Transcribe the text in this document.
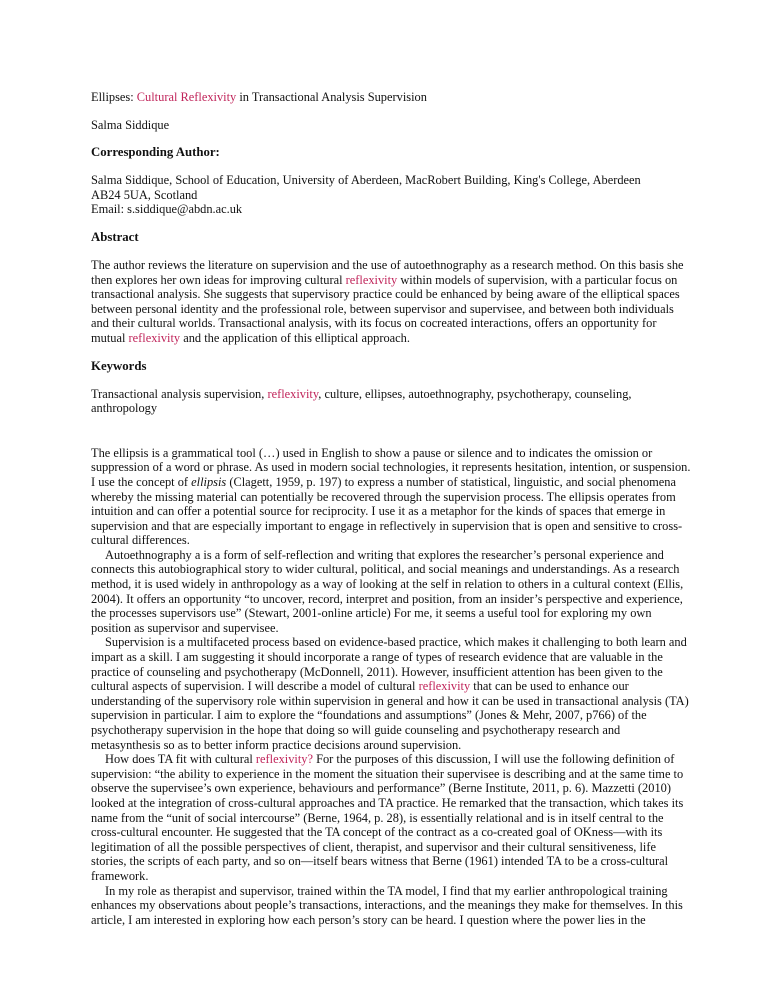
Ellipses: Cultural Reflexivity in Transactional Analysis Supervision

Salma Siddique

Corresponding Author:

Salma Siddique, School of Education, University of Aberdeen, MacRobert Building, King's College, Aberdeen
AB24 5UA, Scotland
Email: s.siddique@abdn.ac.uk

Abstract

The author reviews the literature on supervision and the use of autoethnography as a research method. On this basis she then explores her own ideas for improving cultural reflexivity within models of supervision, with a particular focus on transactional analysis. She suggests that supervisory practice could be enhanced by being aware of the elliptical spaces between personal identity and the professional role, between supervisor and supervisee, and between both individuals and their cultural worlds. Transactional analysis, with its focus on cocreated interactions, offers an opportunity for mutual reflexivity and the application of this elliptical approach.

Keywords

Transactional analysis supervision, reflexivity, culture, ellipses, autoethnography, psychotherapy, counseling, anthropology

The ellipsis is a grammatical tool (…) used in English to show a pause or silence and to indicates the omission or suppression of a word or phrase. As used in modern social technologies, it represents hesitation, intention, or suspension. I use the concept of ellipsis (Clagett, 1959, p. 197) to express a number of statistical, linguistic, and social phenomena whereby the missing material can potentially be recovered through the supervision process. The ellipsis operates from intuition and can offer a potential source for reciprocity. I use it as a metaphor for the kinds of spaces that emerge in supervision and that are especially important to engage in reflectively in supervision that is open and sensitive to cross-cultural differences.

Autoethnography a is a form of self-reflection and writing that explores the researcher’s personal experience and connects this autobiographical story to wider cultural, political, and social meanings and understandings. As a research method, it is used widely in anthropology as a way of looking at the self in relation to others in a cultural context (Ellis, 2004). It offers an opportunity “to uncover, record, interpret and position, from an insider’s perspective and experience, the processes supervisors use” (Stewart, 2001-online article) For me, it seems a useful tool for exploring my own position as supervisor and supervisee.

Supervision is a multifaceted process based on evidence-based practice, which makes it challenging to both learn and impart as a skill. I am suggesting it should incorporate a range of types of research evidence that are valuable in the practice of counseling and psychotherapy (McDonnell, 2011). However, insufficient attention has been given to the cultural aspects of supervision. I will describe a model of cultural reflexivity that can be used to enhance our understanding of the supervisory role within supervision in general and how it can be used in transactional analysis (TA) supervision in particular. I aim to explore the “foundations and assumptions” (Jones & Mehr, 2007, p766) of the psychotherapy supervision in the hope that doing so will guide counseling and psychotherapy research and metasynthesis so as to better inform practice decisions around supervision.

How does TA fit with cultural reflexivity? For the purposes of this discussion, I will use the following definition of supervision: “the ability to experience in the moment the situation their supervisee is describing and at the same time to observe the supervisee’s own experience, behaviours and performance” (Berne Institute, 2011, p. 6). Mazzetti (2010) looked at the integration of cross-cultural approaches and TA practice. He remarked that the transaction, which takes its name from the “unit of social intercourse” (Berne, 1964, p. 28), is essentially relational and is in itself central to the cross-cultural encounter. He suggested that the TA concept of the contract as a co-created goal of OKness—with its legitimation of all the possible perspectives of client, therapist, and supervisor and their cultural sensitiveness, life stories, the scripts of each party, and so on—itself bears witness that Berne (1961) intended TA to be a cross-cultural framework.

In my role as therapist and supervisor, trained within the TA model, I find that my earlier anthropological training enhances my observations about people’s transactions, interactions, and the meanings they make for themselves. In this article, I am interested in exploring how each person’s story can be heard. I question where the power lies in the
